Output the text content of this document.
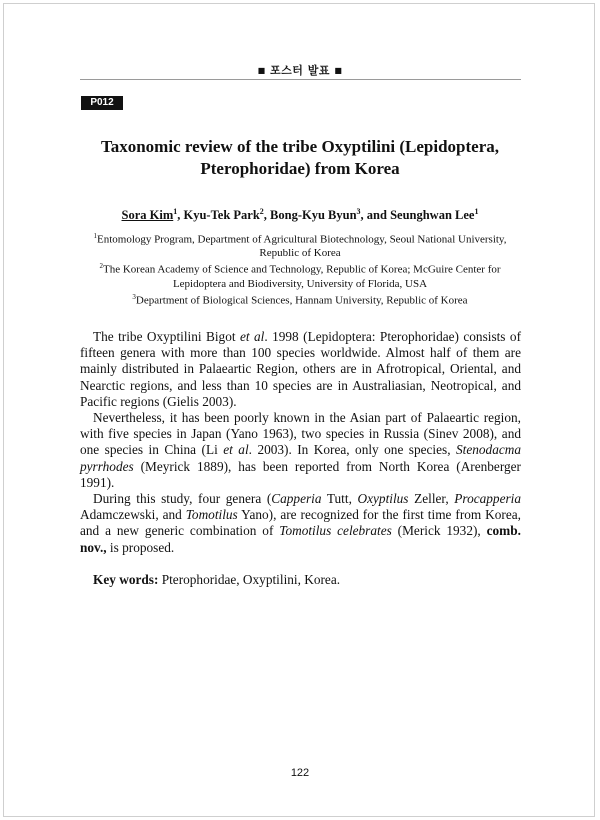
■ 포스터 발표 ■
P012
Taxonomic review of the tribe Oxyptilini (Lepidoptera,
Pterophoridae) from Korea
Sora Kim$^1$, Kyu-Tek Park$^2$, Bong-Kyu Byun$^3$, and Seunghwan Lee$^1$
$^1$Entomology Program, Department of Agricultural Biotechnology, Seoul National University,
Republic of Korea
$^2$The Korean Academy of Science and Technology, Republic of Korea; McGuire Center for
Lepidoptera and Biodiversity, University of Florida, USA
$^3$Department of Biological Sciences, Hannam University, Republic of Korea

The tribe Oxyptilini Bigot et al. 1998 (Lepidoptera: Pterophoridae) consists of fifteen genera with more than 100 species worldwide. Almost half of them are mainly distributed in Palaeartic Region, others are in Afrotropical, Oriental, and Nearctic regions, and less than 10 species are in Australiasian, Neotropical, and Pacific regions (Gielis 2003).

Nevertheless, it has been poorly known in the Asian part of Palaeartic region, with five species in Japan (Yano 1963), two species in Russia (Sinev 2008), and one species in China (Li et al. 2003). In Korea, only one species, Stenodacma pyrrhodes (Meyrick 1889), has been reported from North Korea (Arenberger 1991).

During this study, four genera (Capperia Tutt, Oxyptilus Zeller, Procapperia Adamczewski, and Tomotilus Yano), are recognized for the first time from Korea, and a new generic combination of Tomotilus celebrates (Merick 1932), comb. nov., is proposed.

Key words: Pterophoridae, Oxyptilini, Korea.

122
